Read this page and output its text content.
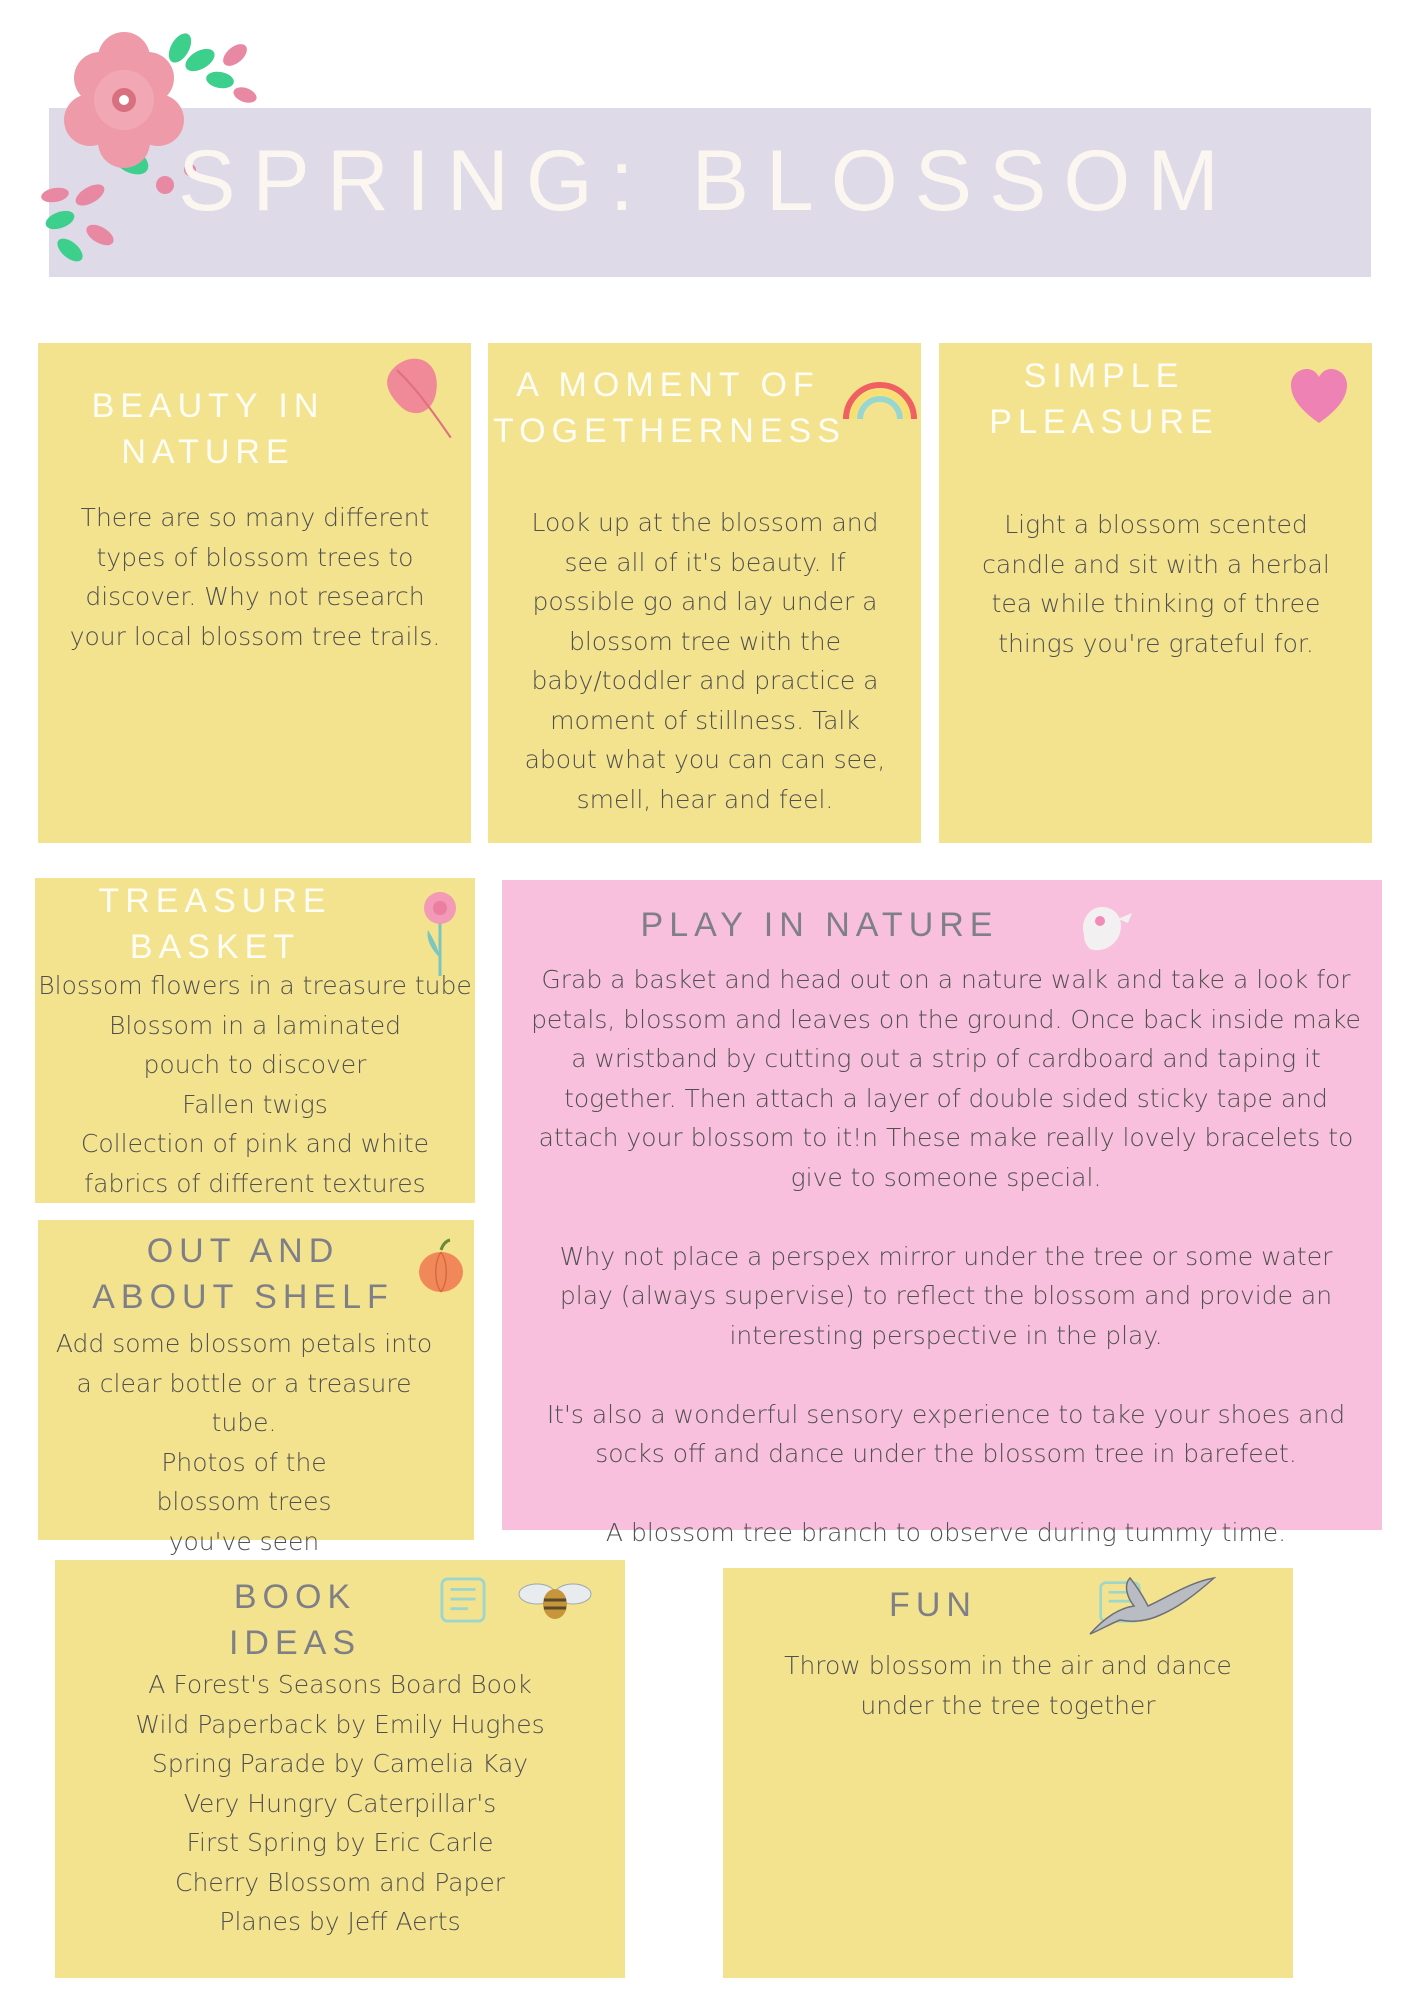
SPRING: BLOSSOM
BEAUTY IN NATURE
There are so many different types of blossom trees to discover. Why not research your local blossom tree trails.
A MOMENT OF TOGETHERNESS
Look up at the blossom and see all of it's beauty. If possible go and lay under a blossom tree with the baby/toddler and practice a moment of stillness. Talk about what you can can see, smell, hear and feel.
SIMPLE PLEASURE
Light a blossom scented candle and sit with a herbal tea while thinking of three things you're grateful for.
TREASURE BASKET
Blossom flowers in a treasure tube
Blossom in a laminated pouch to discover
Fallen twigs
Collection of pink and white fabrics of different textures
OUT AND ABOUT SHELF
Add some blossom petals into a clear bottle or a treasure tube.
Photos of the blossom trees you've seen
PLAY IN NATURE
Grab a basket and head out on a nature walk and take a look for petals, blossom and leaves on the ground. Once back inside make a wristband by cutting out a strip of cardboard and taping it together. Then attach a layer of double sided sticky tape and attach your blossom to it!n These make really lovely bracelets to give to someone special.
Why not place a perspex mirror under the tree or some water play (always supervise) to reflect the blossom and provide an interesting perspective in the play.
It's also a wonderful sensory experience to take your shoes and socks off and dance under the blossom tree in barefeet.
A blossom tree branch to observe during tummy time.
BOOK IDEAS
A Forest's Seasons Board Book
Wild Paperback by Emily Hughes
Spring Parade by Camelia Kay
Very Hungry Caterpillar's First Spring by Eric Carle
Cherry Blossom and Paper Planes by Jeff Aerts
FUN
Throw blossom in the air and dance under the tree together
